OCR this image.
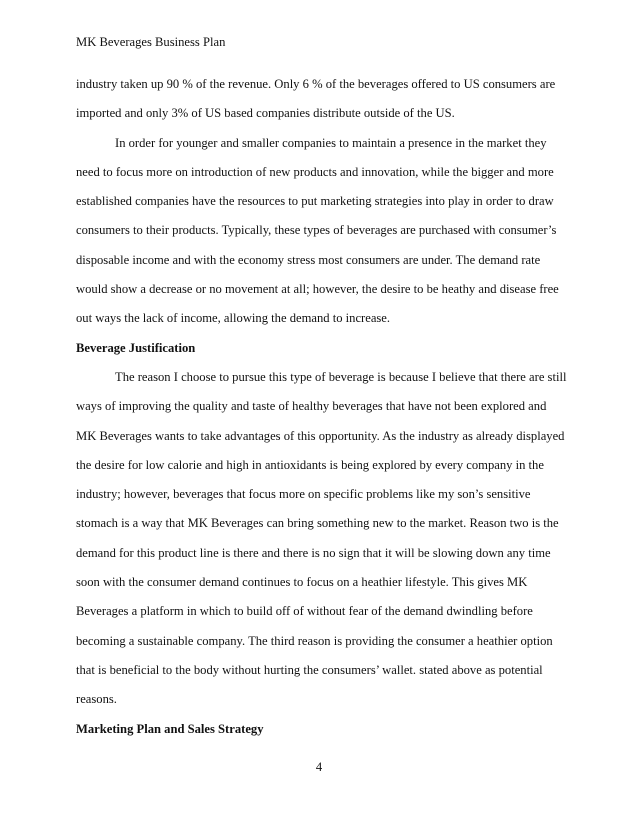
MK Beverages Business Plan
industry taken up 90 % of the revenue. Only 6 % of the beverages offered to US consumers are
imported and only 3% of US based companies distribute outside of the US.
In order for younger and smaller companies to maintain a presence in the market they
need to focus more on introduction of new products and innovation, while the bigger and more
established companies have the resources to put marketing strategies into play in order to draw
consumers to their products. Typically, these types of beverages are purchased with consumer’s
disposable income and with the economy stress most consumers are under. The demand rate
would show a decrease or no movement at all; however, the desire to be heathy and disease free
out ways the lack of income, allowing the demand to increase.
Beverage Justification
The reason I choose to pursue this type of beverage is because I believe that there are still
ways of improving the quality and taste of healthy beverages that have not been explored and
MK Beverages wants to take advantages of this opportunity. As the industry as already displayed
the desire for low calorie and high in antioxidants is being explored by every company in the
industry; however, beverages that focus more on specific problems like my son’s sensitive
stomach is a way that MK Beverages can bring something new to the market. Reason two is the
demand for this product line is there and there is no sign that it will be slowing down any time
soon with the consumer demand continues to focus on a heathier lifestyle. This gives MK
Beverages a platform in which to build off of without fear of the demand dwindling before
becoming a sustainable company. The third reason is providing the consumer a heathier option
that is beneficial to the body without hurting the consumers’ wallet. stated above as potential
reasons.
Marketing Plan and Sales Strategy
4
